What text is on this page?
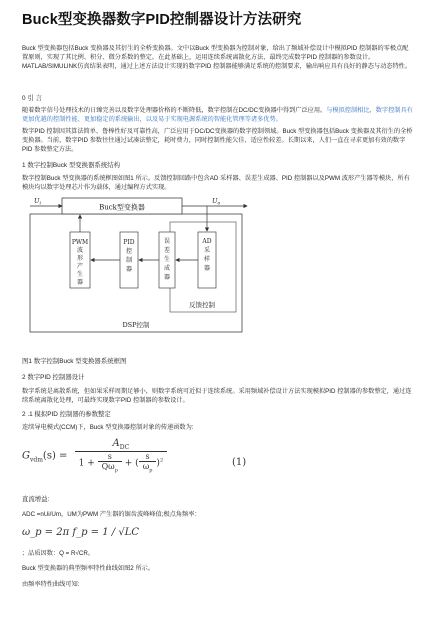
Buck型变换器数字PID控制器设计方法研究
Buck 型变换器包括Buck 变换器及其衍生的全桥变换器。文中以Buck 型变换器为控制对象，给出了频域补偿设计中模拟PID 控制器的零极点配置原则，实现了其比例、积分、微分系数的整定。在此基础上，运用连续系统离散化方法，最终完成数字PID 控制器的参数设计。MATLAB/SIMULINK仿真结果表明，通过上述方法设计实现的数字PID 控制器能够满足系统的控制要求，输出响应具有良好的静态与动态特性。
0 引 言
随着数字信号处理技术的日臻完善以及数字处理器价格的不断降低，数字控制在DC/DC变换器中得到广泛应用。与模拟控制相比，数字控制具有更加优越的控制性能、更加稳定的系统输出，以及易于实现电源系统的智能化管理等诸多优势。
数字PID 控制因其算法简单、鲁棒性好及可靠性高，广泛应用于DC/DC变换器的数字控制领域。Buck 型变换器包括Buck 变换器及其衍生的全桥变换器。当前，数字PID 参数往往通过试凑法整定，耗时费力，同时控制性能欠佳、适应性较差。长期以来，人们一直在寻求更加有效的数字PID 参数整定方法。
1 数字控制Buck 型变换器系统结构
数字控制Buck 型变换器的系统框图如图1 所示。反馈控制回路中包含AD 采样器、误差生成器、PID 控制器以及PWM 波形产生器等模块，所有模块均以数字处理芯片作为载体，通过编程方式实现。
Buck型变换器
$U_i$	$U_o$
PWM 波形产生器
PID 控制器
误差生成器
AD 采样器
反馈控制
DSP控制
图1 数字控制Buck 型变换器系统框图
2 数字PID 控制器设计
数字系统是离散系统，但如果采样周期足够小，则数字系统可近似于连续系统。采用频域补偿设计方法实现模拟PID 控制器的参数整定，通过连续系统离散化处理，可最终实现数字PID 控制器的参数设计。
2 .1 模拟PID 控制器的参数整定
连续导电模式(CCM)下，Buck 型变换器控制对象的传递函数为:
$G_{vdm}(s) = \frac{A_{DC}}{1 + \frac{s}{Q\omega_p} + ( \frac{s}{\omega_p} )^2}$	(1)
直流增益:
ADC =nUi/Um，UM为PWM 产生器的锯齿波峰峰值;极点角频率：
ω_p = 2π f_p = 1 / √LC
；品质因数：Q = R√CR。
Buck 型变换器的典型频率特性曲线如图2 所示。
由频率特性曲线可知:
